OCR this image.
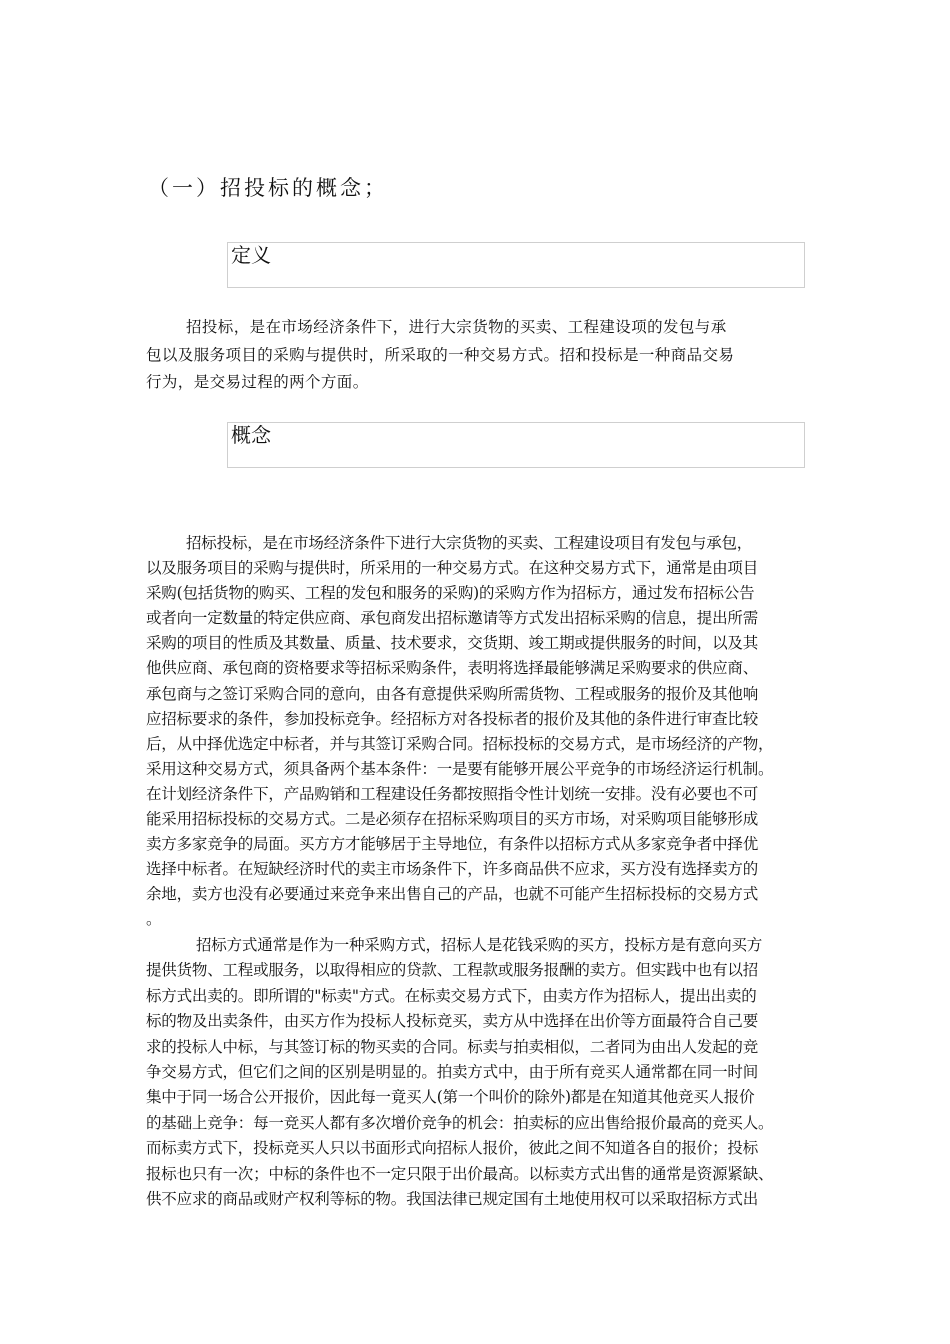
（一）招投标的概念；
定义
招投标，是在市场经济条件下，进行大宗货物的买卖、工程建设项的发包与承
包以及服务项目的采购与提供时，所采取的一种交易方式。招和投标是一种商品交易
行为，是交易过程的两个方面。
概念
招标投标，是在市场经济条件下进行大宗货物的买卖、工程建设项目有发包与承包，
以及服务项目的采购与提供时，所采用的一种交易方式。在这种交易方式下，通常是由项目
采购(包括货物的购买、工程的发包和服务的采购)的采购方作为招标方，通过发布招标公告
或者向一定数量的特定供应商、承包商发出招标邀请等方式发出招标采购的信息，提出所需
采购的项目的性质及其数量、质量、技术要求，交货期、竣工期或提供服务的时间，以及其
他供应商、承包商的资格要求等招标采购条件，表明将选择最能够满足采购要求的供应商、
承包商与之签订采购合同的意向，由各有意提供采购所需货物、工程或服务的报价及其他响
应招标要求的条件，参加投标竞争。经招标方对各投标者的报价及其他的条件进行审查比较
后，从中择优选定中标者，并与其签订采购合同。招标投标的交易方式，是市场经济的产物，
采用这种交易方式，须具备两个基本条件：一是要有能够开展公平竞争的市场经济运行机制。
在计划经济条件下，产品购销和工程建设任务都按照指令性计划统一安排。没有必要也不可
能采用招标投标的交易方式。二是必须存在招标采购项目的买方市场，对采购项目能够形成
卖方多家竞争的局面。买方方才能够居于主导地位，有条件以招标方式从多家竞争者中择优
选择中标者。在短缺经济时代的卖主市场条件下，许多商品供不应求，买方没有选择卖方的
余地，卖方也没有必要通过来竞争来出售自己的产品，也就不可能产生招标投标的交易方式
。
招标方式通常是作为一种采购方式，招标人是花钱采购的买方，投标方是有意向买方
提供货物、工程或服务，以取得相应的贷款、工程款或服务报酬的卖方。但实践中也有以招
标方式出卖的。即所谓的"标卖"方式。在标卖交易方式下，由卖方作为招标人，提出出卖的
标的物及出卖条件，由买方作为投标人投标竞买，卖方从中选择在出价等方面最符合自己要
求的投标人中标，与其签订标的物买卖的合同。标卖与拍卖相似，二者同为由出人发起的竞
争交易方式，但它们之间的区别是明显的。拍卖方式中，由于所有竞买人通常都在同一时间
集中于同一场合公开报价，因此每一竟买人(第一个叫价的除外)都是在知道其他竞买人报价
的基础上竞争：每一竞买人都有多次增价竞争的机会：拍卖标的应出售给报价最高的竞买人。
而标卖方式下，投标竞买人只以书面形式向招标人报价，彼此之间不知道各自的报价；投标
报标也只有一次；中标的条件也不一定只限于出价最高。以标卖方式出售的通常是资源紧缺、
供不应求的商品或财产权利等标的物。我国法律已规定国有土地使用权可以采取招标方式出
